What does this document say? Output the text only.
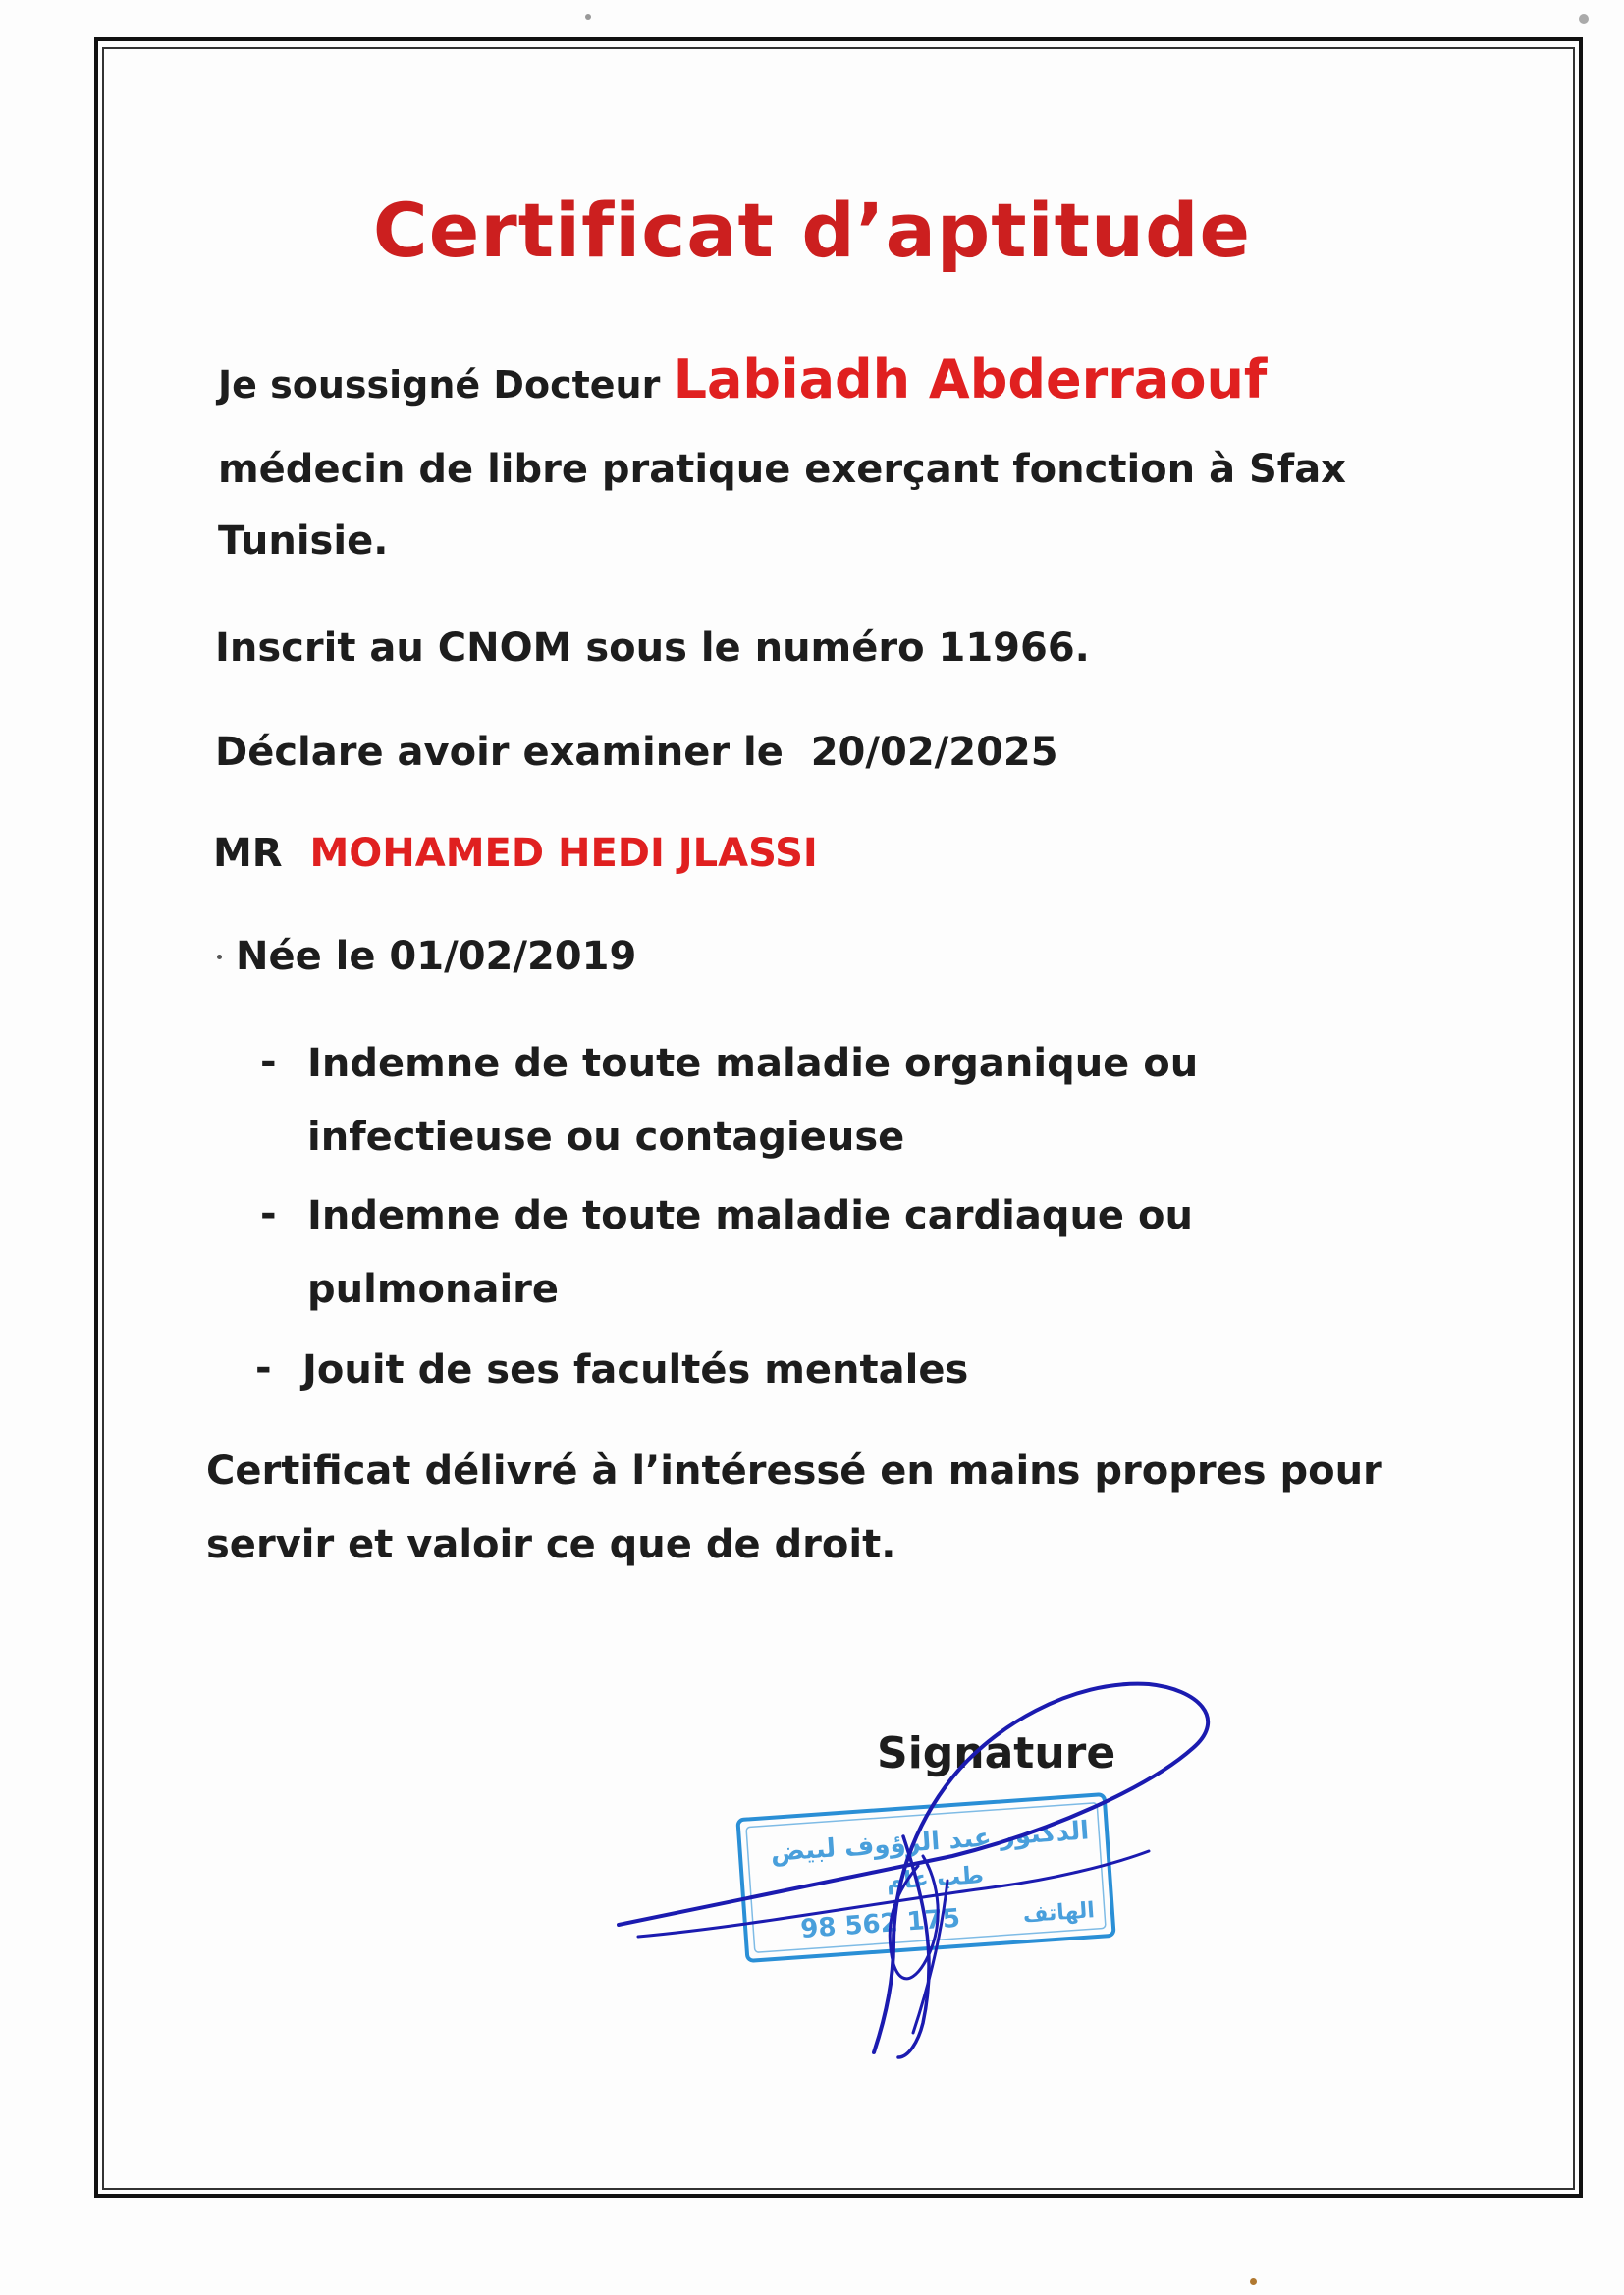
Certificat d’aptitude
Je soussigné Docteur Labiadh Abderraouf
médecin de libre pratique exerçant fonction à Sfax
Tunisie.
Inscrit au CNOM sous le numéro 11966.
Déclare avoir examiner le 20/02/2025
MR MOHAMED HEDI JLASSI
Née le 01/02/2019
- Indemne de toute maladie organique ou
infectieuse ou contagieuse
- Indemne de toute maladie cardiaque ou
pulmonaire
- Jouit de ses facultés mentales
Certificat délivré à l’intéressé en mains propres pour
servir et valoir ce que de droit.
Signature
الدكتور عبد الرؤوف لبيض
طب عام
98 562 175	الهاتف
